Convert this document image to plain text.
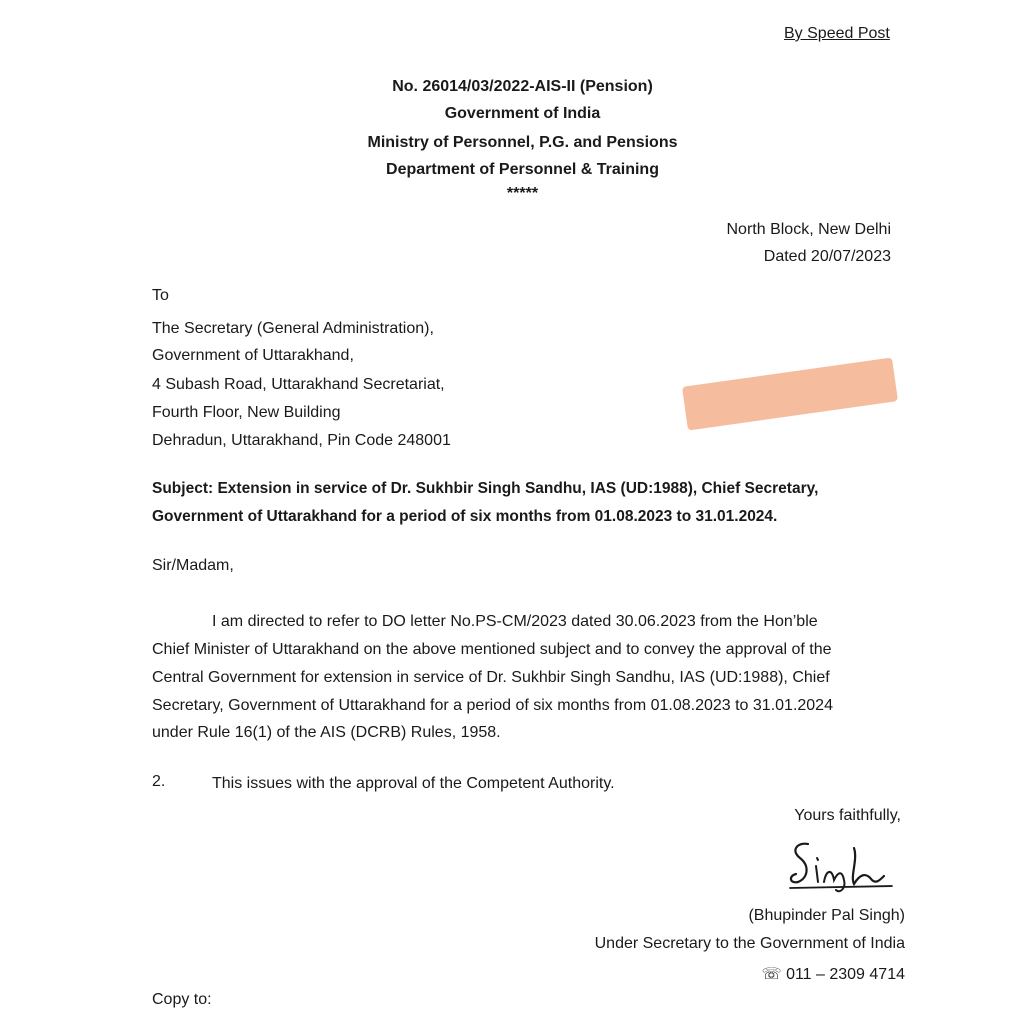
By Speed Post
No. 26014/03/2022-AIS-II (Pension)
Government of India
Ministry of Personnel, P.G. and Pensions
Department of Personnel & Training
*****
North Block, New Delhi
Dated 20/07/2023
To
The Secretary (General Administration),
Government of Uttarakhand,
4 Subash Road, Uttarakhand Secretariat,
Fourth Floor, New Building
Dehradun, Uttarakhand, Pin Code 248001
Subject: Extension in service of Dr. Sukhbir Singh Sandhu, IAS (UD:1988), Chief Secretary,
Government of Uttarakhand for a period of six months from 01.08.2023 to 31.01.2024.
Sir/Madam,
I am directed to refer to DO letter No.PS-CM/2023 dated 30.06.2023 from the Hon’ble
Chief Minister of Uttarakhand on the above mentioned subject and to convey the approval of the
Central Government for extension in service of Dr. Sukhbir Singh Sandhu, IAS (UD:1988), Chief
Secretary, Government of Uttarakhand for a period of six months from 01.08.2023 to 31.01.2024
under Rule 16(1) of the AIS (DCRB) Rules, 1958.
2.	This issues with the approval of the Competent Authority.
Yours faithfully,
(Bhupinder Pal Singh)
Under Secretary to the Government of India
☏ 011 – 2309 4714
Copy to:
